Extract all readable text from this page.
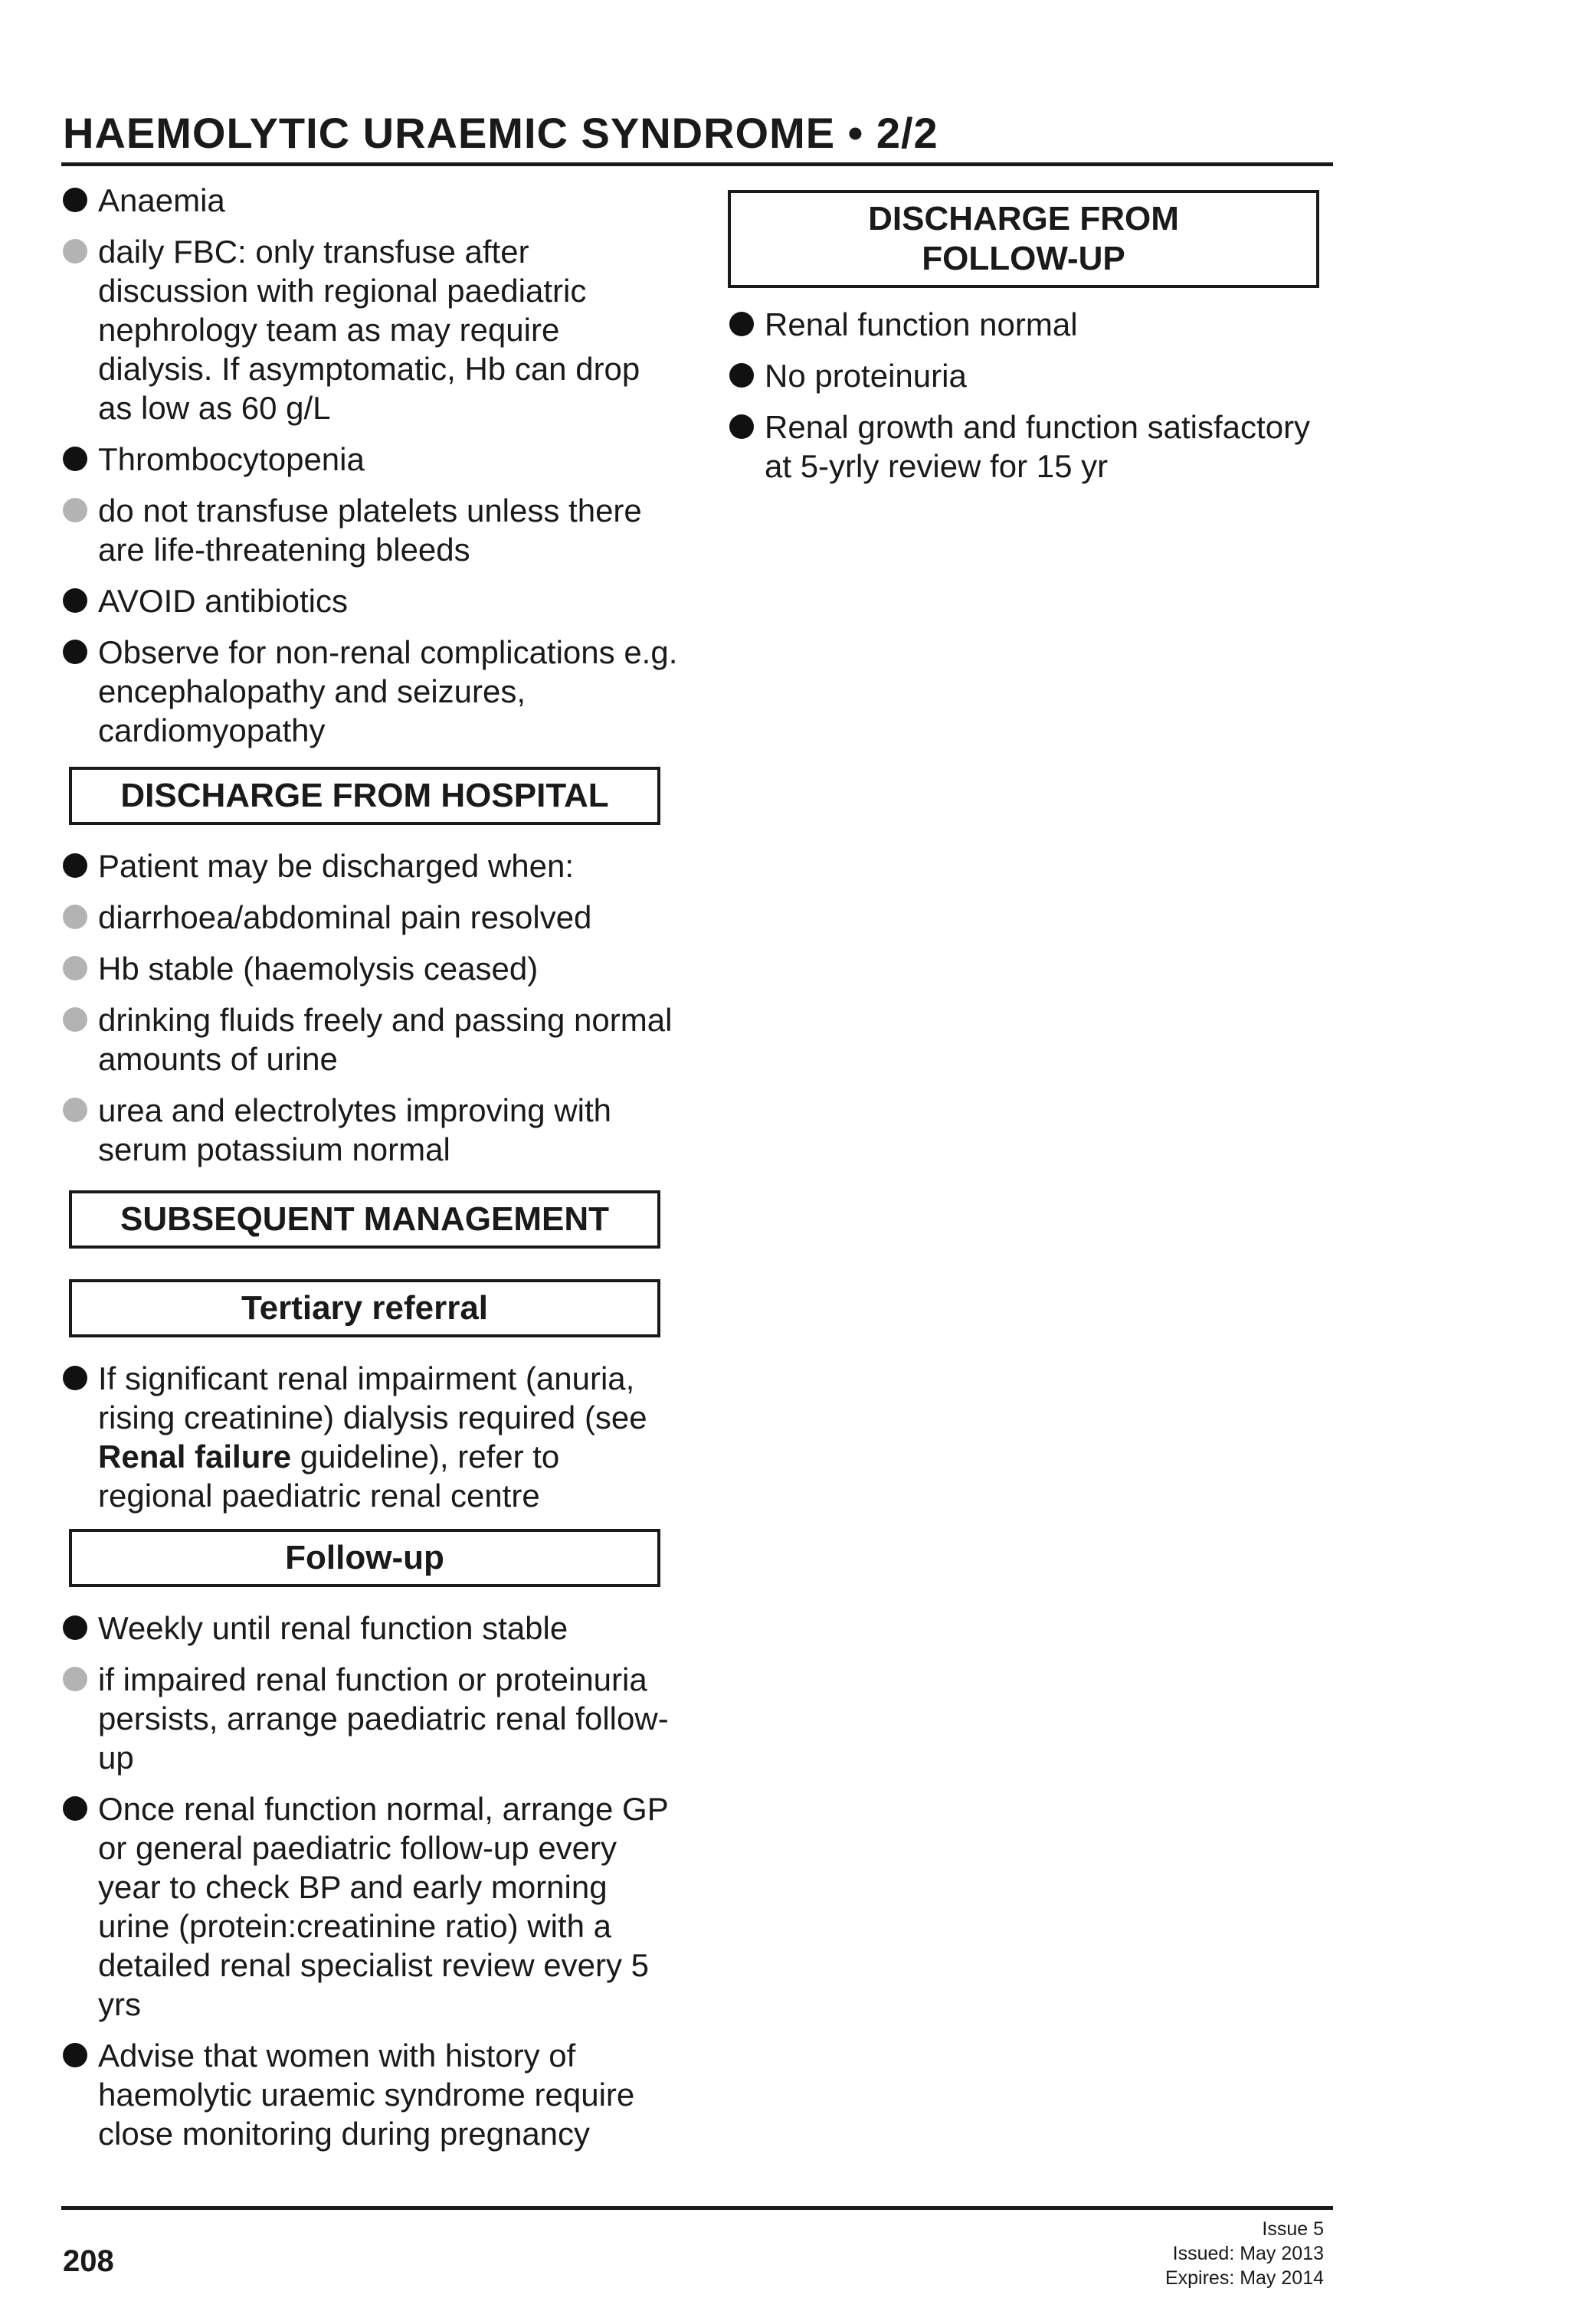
HAEMOLYTIC URAEMIC SYNDROME • 2/2
Anaemia
daily FBC: only transfuse after discussion with regional paediatric nephrology team as may require dialysis. If asymptomatic, Hb can drop as low as 60 g/L
Thrombocytopenia
do not transfuse platelets unless there are life-threatening bleeds
AVOID antibiotics
Observe for non-renal complications e.g. encephalopathy and seizures, cardiomyopathy
DISCHARGE FROM HOSPITAL
Patient may be discharged when:
diarrhoea/abdominal pain resolved
Hb stable (haemolysis ceased)
drinking fluids freely and passing normal amounts of urine
urea and electrolytes improving with serum potassium normal
SUBSEQUENT MANAGEMENT
Tertiary referral
If significant renal impairment (anuria, rising creatinine) dialysis required (see Renal failure guideline), refer to regional paediatric renal centre
Follow-up
Weekly until renal function stable
if impaired renal function or proteinuria persists, arrange paediatric renal follow-up
Once renal function normal, arrange GP or general paediatric follow-up every year to check BP and early morning urine (protein:creatinine ratio) with a detailed renal specialist review every 5 yrs
Advise that women with history of haemolytic uraemic syndrome require close monitoring during pregnancy
DISCHARGE FROM
FOLLOW-UP
Renal function normal
No proteinuria
Renal growth and function satisfactory at 5-yrly review for 15 yr
208
Issue 5
Issued: May 2013
Expires: May 2014
